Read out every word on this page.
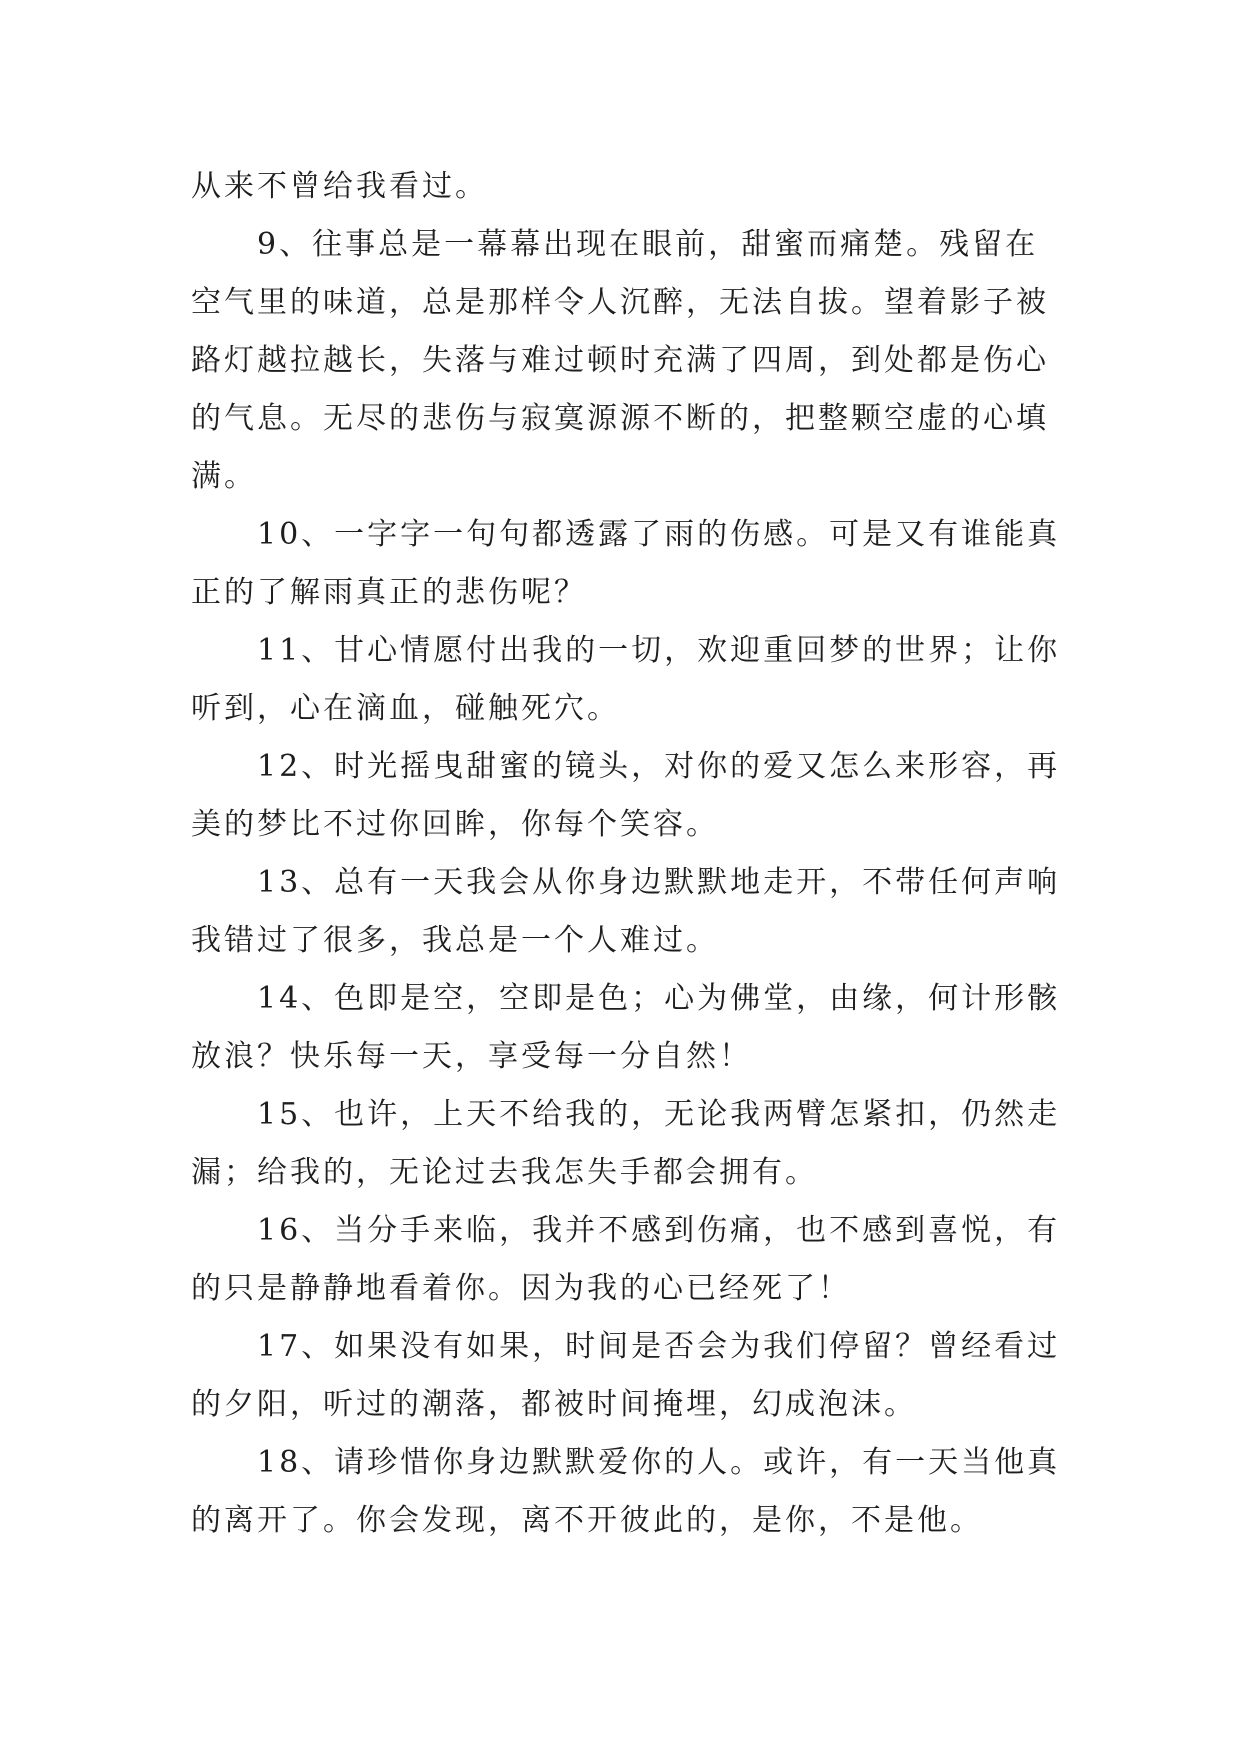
从来不曾给我看过。

9、往事总是一幕幕出现在眼前，甜蜜而痛楚。残留在
空气里的味道，总是那样令人沉醉，无法自拔。望着影子被
路灯越拉越长，失落与难过顿时充满了四周，到处都是伤心
的气息。无尽的悲伤与寂寞源源不断的，把整颗空虚的心填
满。

10、一字字一句句都透露了雨的伤感。可是又有谁能真
正的了解雨真正的悲伤呢？

11、甘心情愿付出我的一切，欢迎重回梦的世界；让你
听到，心在滴血，碰触死穴。

12、时光摇曳甜蜜的镜头，对你的爱又怎么来形容，再
美的梦比不过你回眸，你每个笑容。

13、总有一天我会从你身边默默地走开，不带任何声响
我错过了很多，我总是一个人难过。

14、色即是空，空即是色；心为佛堂，由缘，何计形骸
放浪？快乐每一天，享受每一分自然！

15、也许，上天不给我的，无论我两臂怎紧扣，仍然走
漏；给我的，无论过去我怎失手都会拥有。

16、当分手来临，我并不感到伤痛，也不感到喜悦，有
的只是静静地看着你。因为我的心已经死了！

17、如果没有如果，时间是否会为我们停留？曾经看过
的夕阳，听过的潮落，都被时间掩埋，幻成泡沫。

18、请珍惜你身边默默爱你的人。或许，有一天当他真
的离开了。你会发现，离不开彼此的，是你，不是他。
